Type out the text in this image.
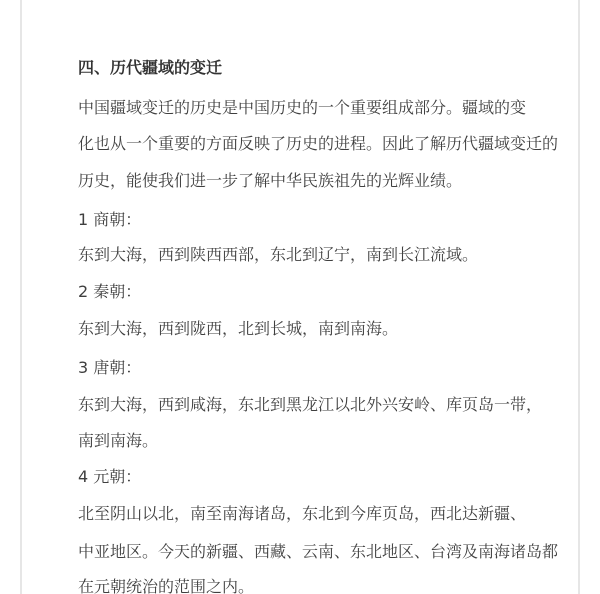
四、历代疆域的变迁

中国疆域变迁的历史是中国历史的一个重要组成部分。疆域的变

化也从一个重要的方面反映了历史的进程。因此了解历代疆域变迁的

历史，能使我们进一步了解中华民族祖先的光辉业绩。

1 商朝：

东到大海，西到陕西西部，东北到辽宁，南到长江流域。

2 秦朝：

东到大海，西到陇西，北到长城，南到南海。

3 唐朝：

东到大海，西到咸海，东北到黑龙江以北外兴安岭、库页岛一带，

南到南海。

4 元朝：

北至阴山以北，南至南海诸岛，东北到今库页岛，西北达新疆、

中亚地区。今天的新疆、西藏、云南、东北地区、台湾及南海诸岛都

在元朝统治的范围之内。
